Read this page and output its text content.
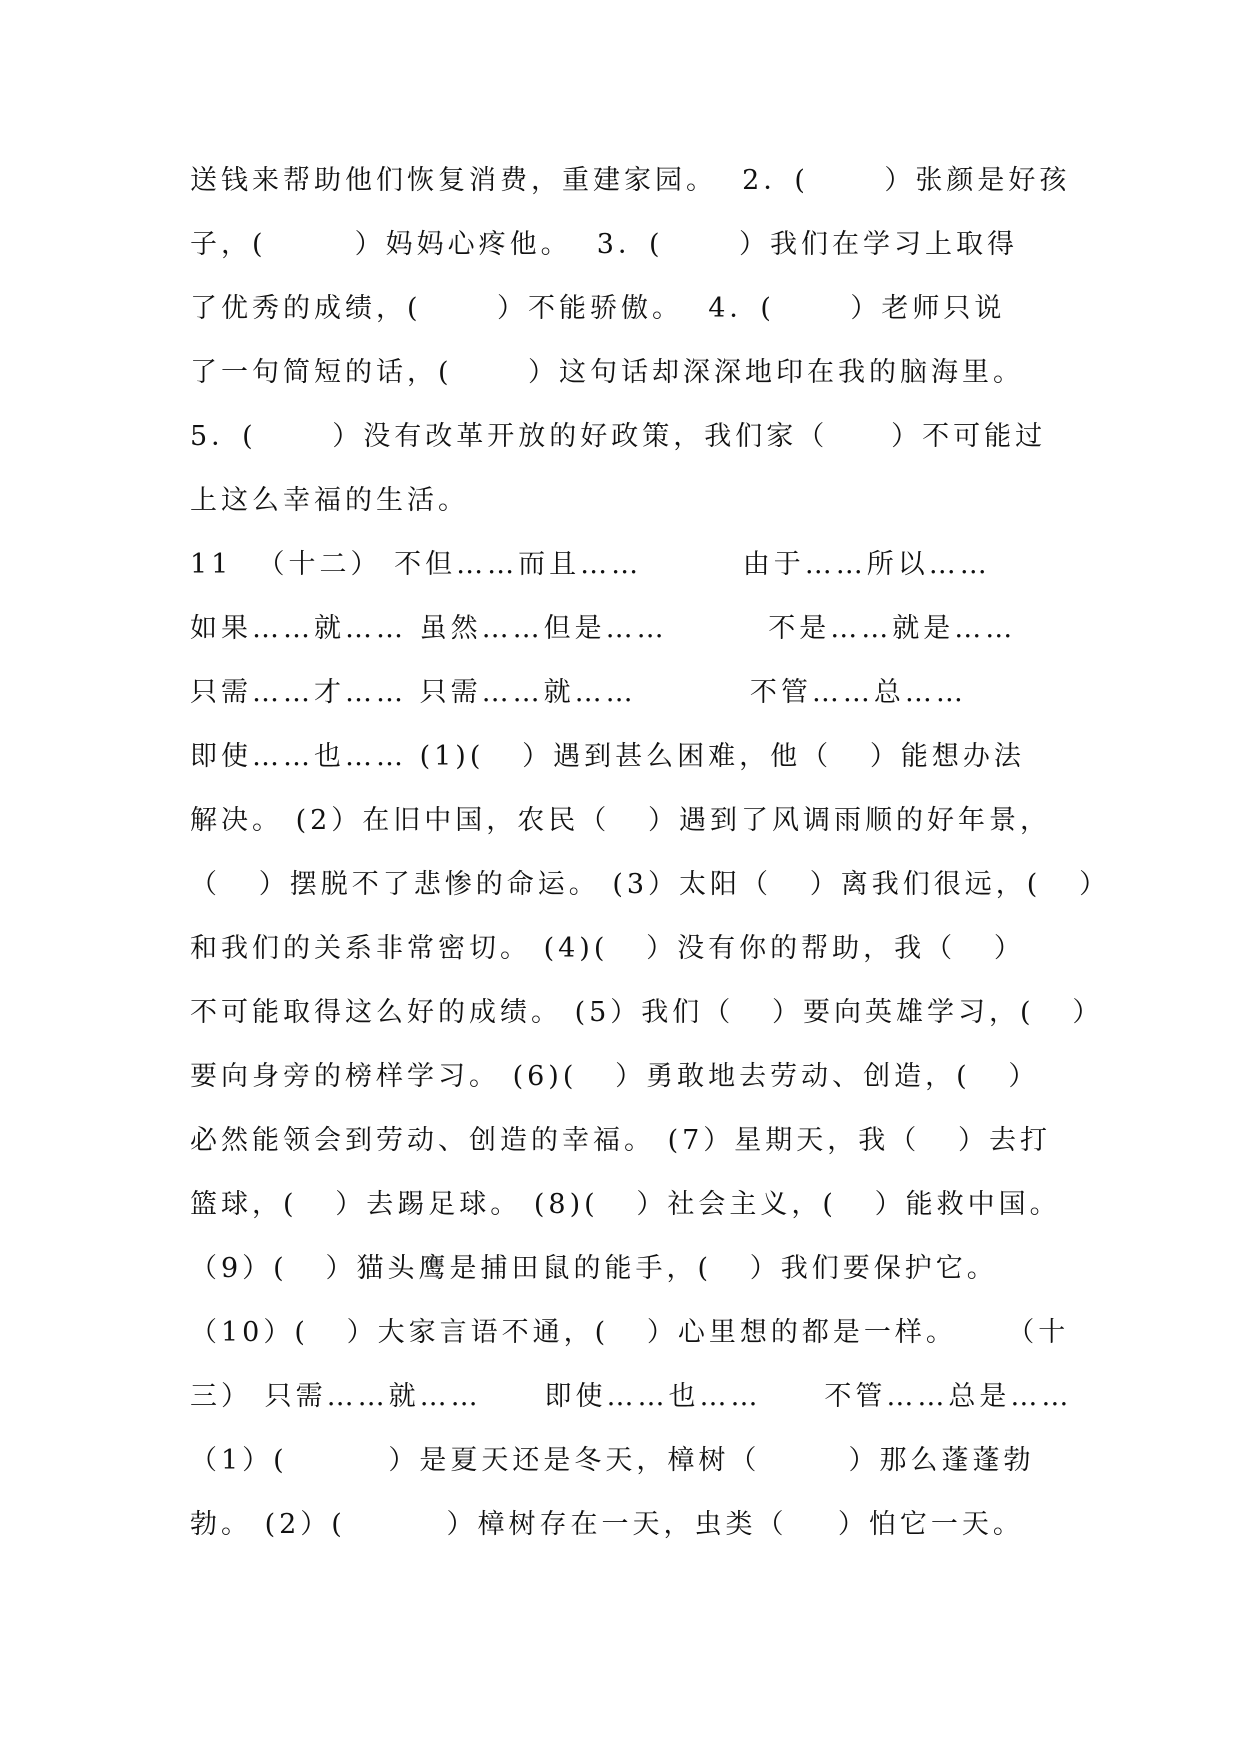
送钱来帮助他们恢复消费，重建家园。  2．(      ）张颜是好孩
子，(       ）妈妈心疼他。  3．(      ）我们在学习上取得
了优秀的成绩，(      ）不能骄傲。  4．(      ）老师只说
了一句简短的话，(      ）这句话却深深地印在我的脑海里。
5．(      ）没有改革开放的好政策，我们家（     ）不可能过
上这么幸福的生活。
11  （十二） 不但……而且……        由于……所以……
如果……就…… 虽然……但是……        不是……就是……
只需……才…… 只需……就……         不管……总……
即使……也…… (1)(   ）遇到甚么困难，他（   ）能想办法
解决。 (2）在旧中国，农民（   ）遇到了风调雨顺的好年景，
（   ）摆脱不了悲惨的命运。 (3）太阳（   ）离我们很远，(   ）
和我们的关系非常密切。 (4)(   ）没有你的帮助，我（   ）
不可能取得这么好的成绩。 (5）我们（   ）要向英雄学习，(   ）
要向身旁的榜样学习。 (6)(   ）勇敢地去劳动、创造，(   ）
必然能领会到劳动、创造的幸福。 (7）星期天，我（   ）去打
篮球，(   ）去踢足球。 (8)(   ）社会主义，(   ）能救中国。
（9）(   ）猫头鹰是捕田鼠的能手，(   ）我们要保护它。
（10）(   ）大家言语不通，(   ）心里想的都是一样。    （十
三） 只需……就……     即使……也……     不管……总是……
（1）(        ）是夏天还是冬天，樟树（       ）那么蓬蓬勃
勃。 (2）(        ）樟树存在一天，虫类（    ）怕它一天。
